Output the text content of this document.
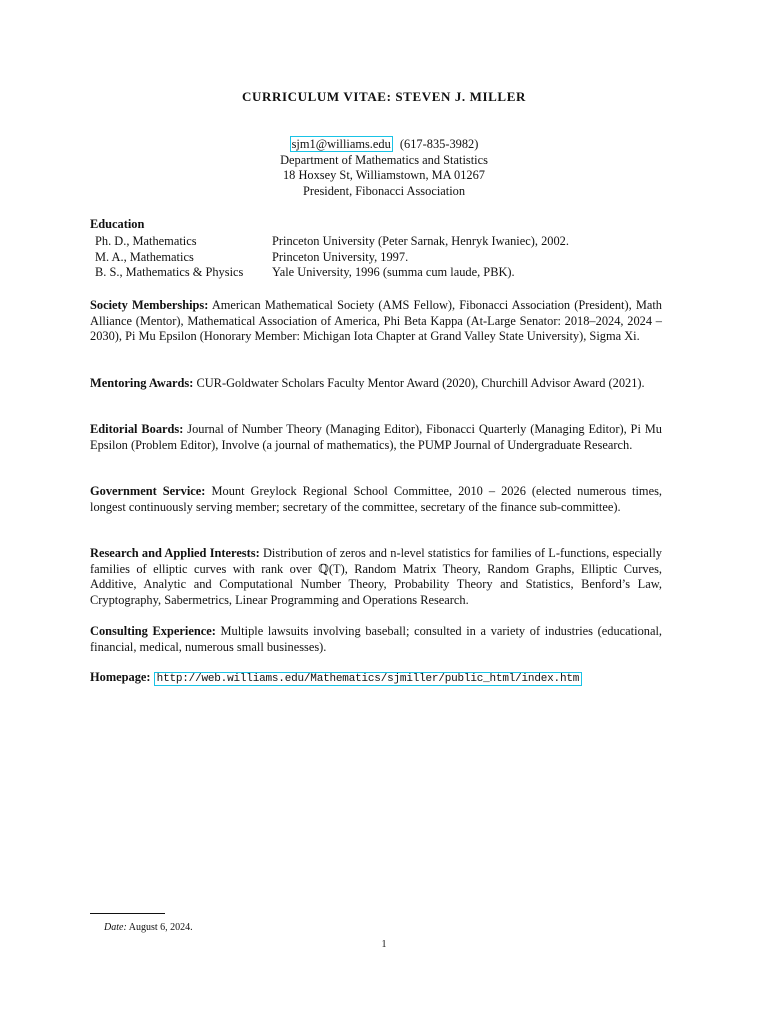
CURRICULUM VITAE: STEVEN J. MILLER
sjm1@williams.edu (617-835-3982)
Department of Mathematics and Statistics
18 Hoxsey St, Williamstown, MA 01267
President, Fibonacci Association
Education
Ph. D., Mathematics	Princeton University (Peter Sarnak, Henryk Iwaniec), 2002.
M. A., Mathematics	Princeton University, 1997.
B. S., Mathematics & Physics	Yale University, 1996 (summa cum laude, PBK).
Society Memberships: American Mathematical Society (AMS Fellow), Fibonacci Association (President), Math Alliance (Mentor), Mathematical Association of America, Phi Beta Kappa (At-Large Senator: 2018–2024, 2024 – 2030), Pi Mu Epsilon (Honorary Member: Michigan Iota Chapter at Grand Valley State University), Sigma Xi.
Mentoring Awards: CUR-Goldwater Scholars Faculty Mentor Award (2020), Churchill Advisor Award (2021).
Editorial Boards: Journal of Number Theory (Managing Editor), Fibonacci Quarterly (Managing Editor), Pi Mu Epsilon (Problem Editor), Involve (a journal of mathematics), the PUMP Journal of Undergraduate Research.
Government Service: Mount Greylock Regional School Committee, 2010 – 2026 (elected numerous times, longest continuously serving member; secretary of the committee, secretary of the finance sub-committee).
Research and Applied Interests: Distribution of zeros and n-level statistics for families of L-functions, especially families of elliptic curves with rank over ℚ(T), Random Matrix Theory, Random Graphs, Elliptic Curves, Additive, Analytic and Computational Number Theory, Probability Theory and Statistics, Benford’s Law, Cryptography, Sabermetrics, Linear Programming and Operations Research.
Consulting Experience: Multiple lawsuits involving baseball; consulted in a variety of industries (educational, financial, medical, numerous small businesses).
Homepage: http://web.williams.edu/Mathematics/sjmiller/public_html/index.htm
Date: August 6, 2024.
1
